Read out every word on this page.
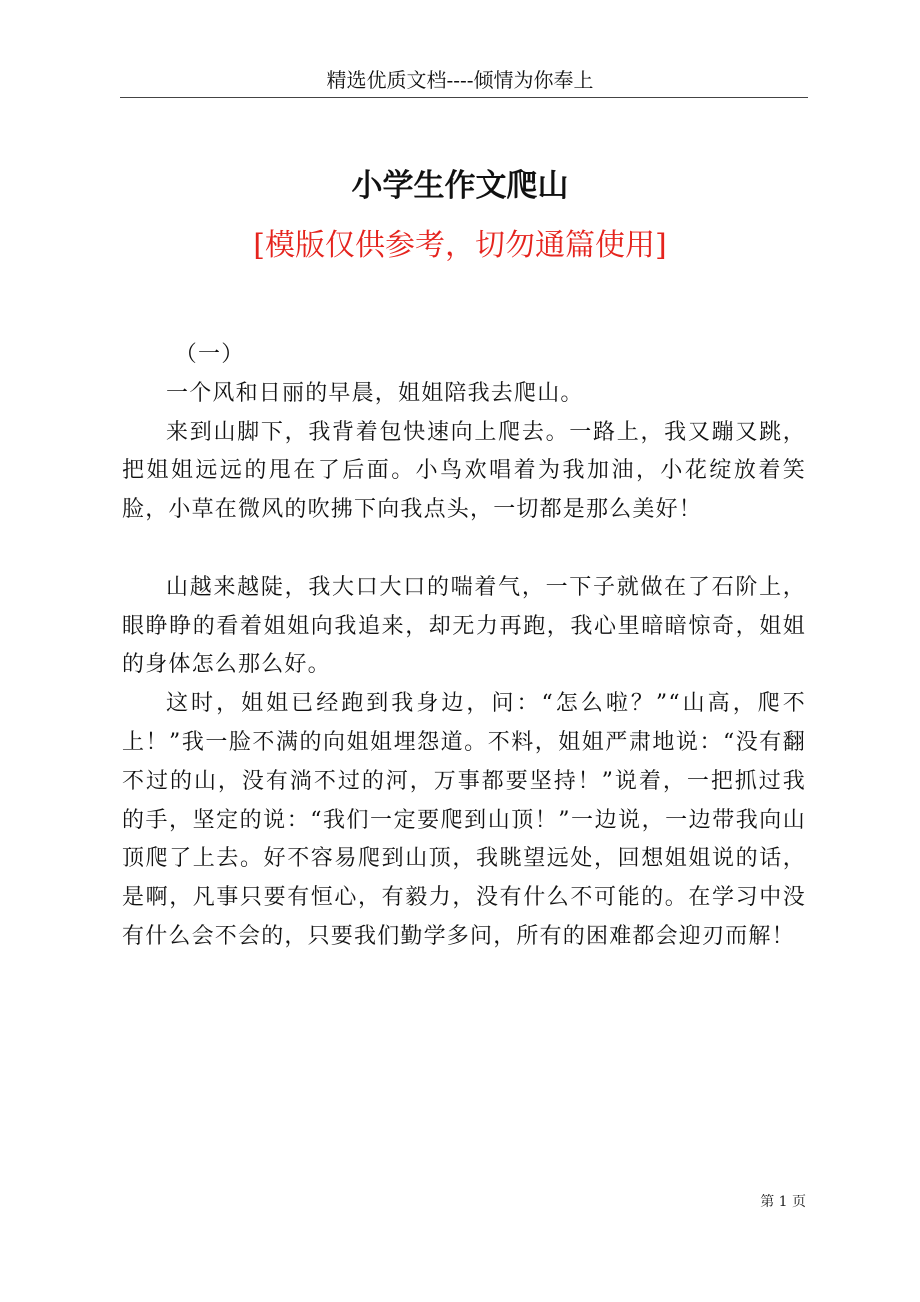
精选优质文档----倾情为你奉上
小学生作文爬山
[模版仅供参考，切勿通篇使用]

（一）

一个风和日丽的早晨，姐姐陪我去爬山。

来到山脚下，我背着包快速向上爬去。一路上，我又蹦又跳，把姐姐远远的甩在了后面。小鸟欢唱着为我加油，小花绽放着笑脸，小草在微风的吹拂下向我点头，一切都是那么美好！

山越来越陡，我大口大口的喘着气，一下子就做在了石阶上，眼睁睁的看着姐姐向我追来，却无力再跑，我心里暗暗惊奇，姐姐的身体怎么那么好。

这时，姐姐已经跑到我身边，问：“怎么啦？”“山高，爬不上！”我一脸不满的向姐姐埋怨道。不料，姐姐严肃地说：“没有翻不过的山，没有淌不过的河，万事都要坚持！”说着，一把抓过我的手，坚定的说：“我们一定要爬到山顶！”一边说，一边带我向山顶爬了上去。好不容易爬到山顶，我眺望远处，回想姐姐说的话，是啊，凡事只要有恒心，有毅力，没有什么不可能的。在学习中没有什么会不会的，只要我们勤学多问，所有的困难都会迎刃而解！

第 1 页
